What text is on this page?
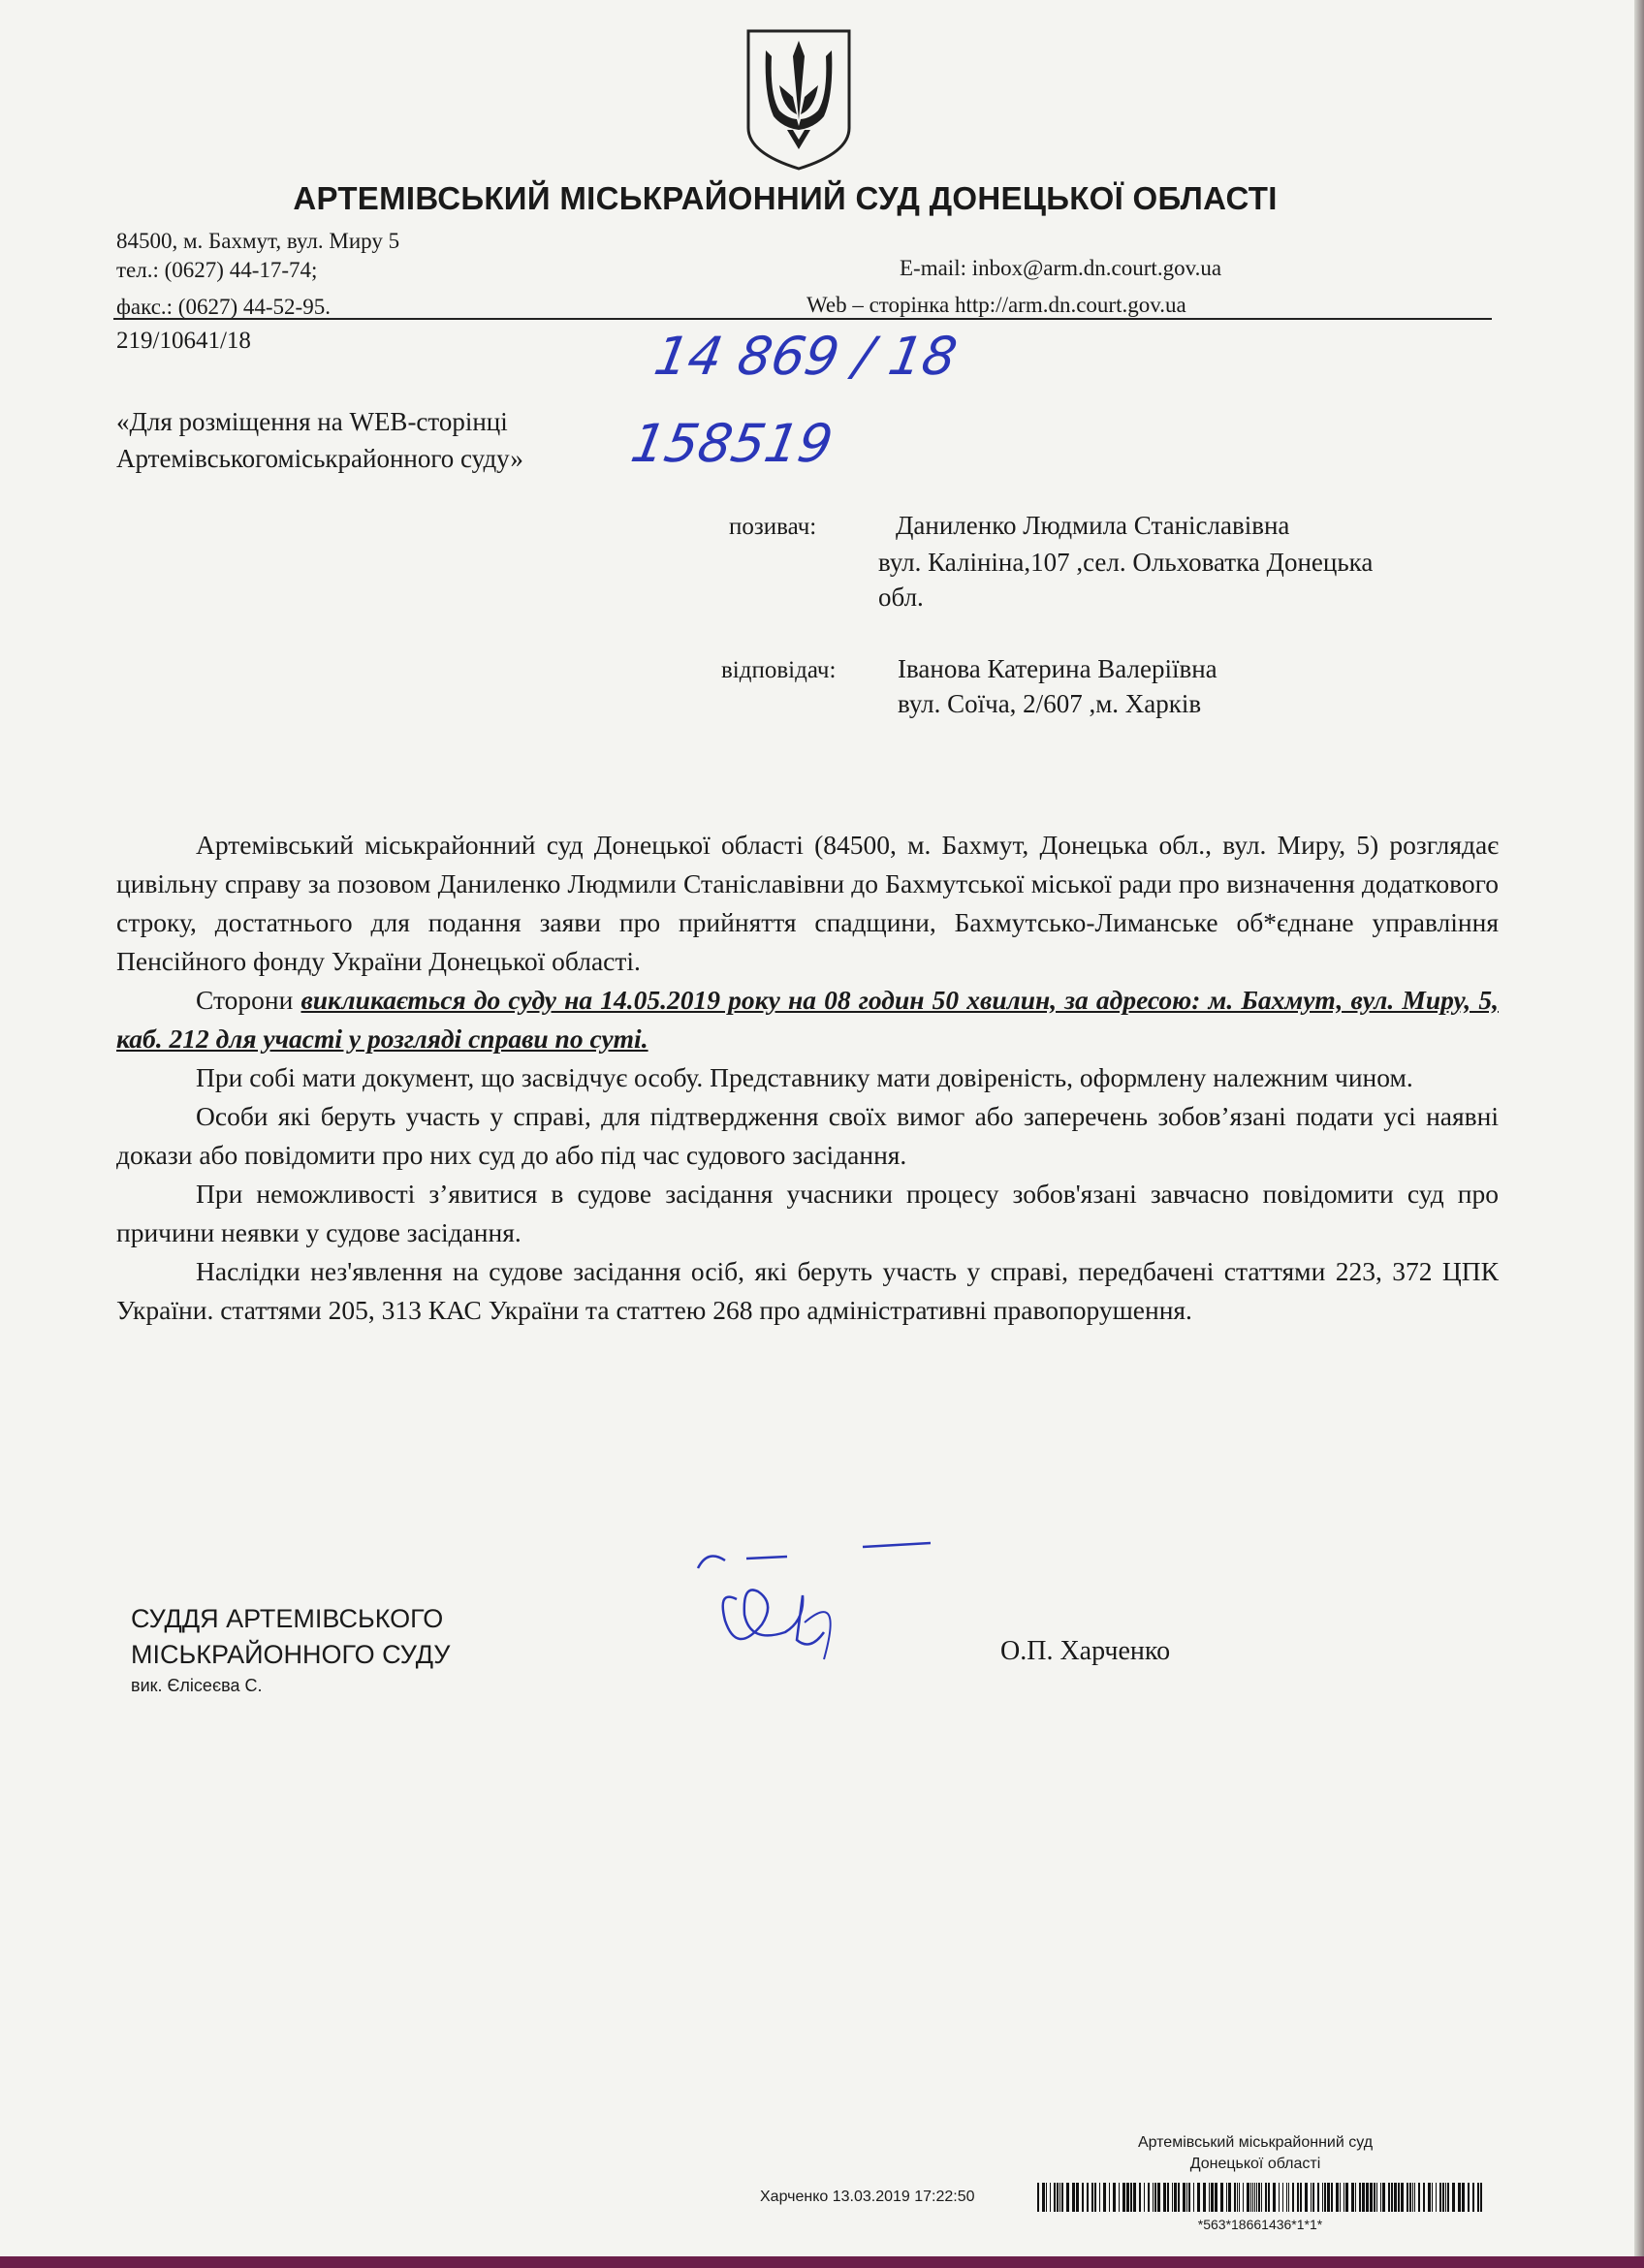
АРТЕМІВСЬКИЙ МІСЬКРАЙОННИЙ СУД ДОНЕЦЬКОЇ ОБЛАСТІ
84500, м. Бахмут, вул. Миру 5
тел.: (0627) 44-17-74;
факс.: (0627) 44-52-95.
E-mail: inbox@arm.dn.court.gov.ua
Web – сторінка http://arm.dn.court.gov.ua
219/10641/18
«Для розміщення на WEB-сторінці
Артемівськогоміськрайонного суду»
14 869 / 18
158519
позивач:	Даниленко Людмила Станіславівна
вул. Калініна,107 ,сел. Ольховатка Донецька
обл.
відповідач: Іванова Катерина Валеріївна
вул. Соїча, 2/607 ,м. Харків

Артемівський міськрайонний суд Донецької області (84500, м. Бахмут, Донецька обл., вул. Миру, 5) розглядає цивільну справу за позовом Даниленко Людмили Станіславівни до Бахмутської міської ради про визначення додаткового строку, достатнього для подання заяви про прийняття спадщини, Бахмутсько-Лиманське об*єднане управління Пенсійного фонду України Донецької області.

Сторони викликається до суду на 14.05.2019 року на 08 годин 50 хвилин, за адресою: м. Бахмут, вул. Миру, 5, каб. 212 для участі у розгляді справи по суті.

При собі мати документ, що засвідчує особу. Представнику мати довіреність, оформлену належним чином.

Особи які беруть участь у справі, для підтвердження своїх вимог або заперечень зобов’язані подати усі наявні докази або повідомити про них суд до або під час судового засідання.

При неможливості з’явитися в судове засідання учасники процесу зобов'язані завчасно повідомити суд про причини неявки у судове засідання.

Наслідки нез'явлення на судове засідання осіб, які беруть участь у справі, передбачені статтями 223, 372 ЦПК України. статтями 205, 313 КАС України та статтею 268 про адміністративні правопорушення.

СУДДЯ АРТЕМІВСЬКОГО
МІСЬКРАЙОННОГО СУДУ
вик. Єлісеєва С.
О.П. Харченко
Артемівський міськрайонний суд
Донецької області
Харченко 13.03.2019 17:22:50
*563*18661436*1*1*
